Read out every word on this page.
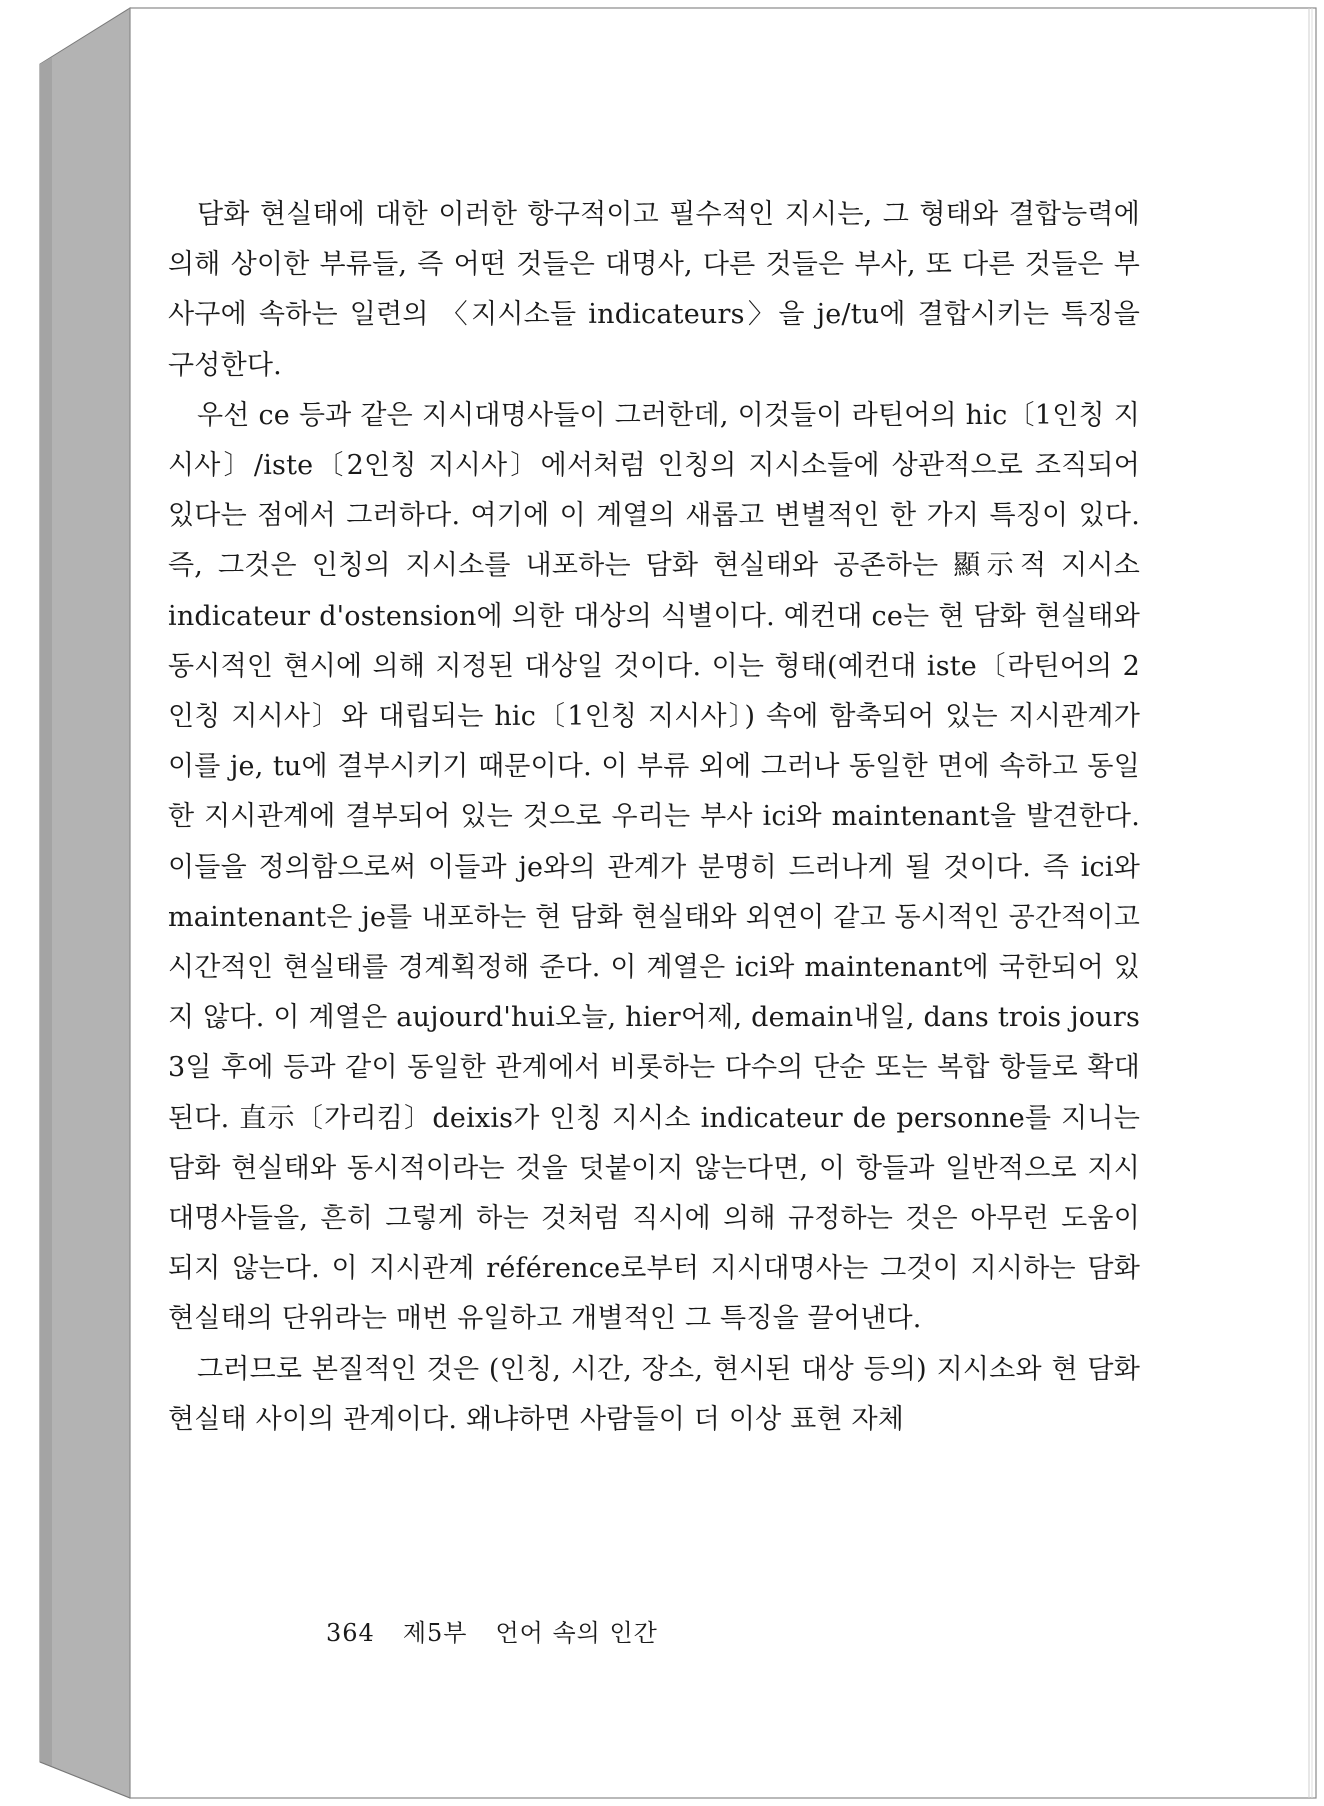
담화 현실태에 대한 이러한 항구적이고 필수적인 지시는, 그 형태와 결합능력에 의해 상이한 부류들, 즉 어떤 것들은 대명사, 다른 것들은 부사, 또 다른 것들은 부사구에 속하는 일련의 〈지시소들 indicateurs〉을 je/tu에 결합시키는 특징을 구성한다.

우선 ce 등과 같은 지시대명사들이 그러한데, 이것들이 라틴어의 hic〔1인칭 지시사〕/iste〔2인칭 지시사〕에서처럼 인칭의 지시소들에 상관적으로 조직되어 있다는 점에서 그러하다. 여기에 이 계열의 새롭고 변별적인 한 가지 특징이 있다. 즉, 그것은 인칭의 지시소를 내포하는 담화 현실태와 공존하는 顯示적 지시소 indicateur d'ostension에 의한 대상의 식별이다. 예컨대 ce는 현 담화 현실태와 동시적인 현시에 의해 지정된 대상일 것이다. 이는 형태(예컨대 iste〔라틴어의 2인칭 지시사〕와 대립되는 hic〔1인칭 지시사〕) 속에 함축되어 있는 지시관계가 이를 je, tu에 결부시키기 때문이다. 이 부류 외에 그러나 동일한 면에 속하고 동일한 지시관계에 결부되어 있는 것으로 우리는 부사 ici와 maintenant을 발견한다. 이들을 정의함으로써 이들과 je와의 관계가 분명히 드러나게 될 것이다. 즉 ici와 maintenant은 je를 내포하는 현 담화 현실태와 외연이 같고 동시적인 공간적이고 시간적인 현실태를 경계획정해 준다. 이 계열은 ici와 maintenant에 국한되어 있지 않다. 이 계열은 aujourd'hui오늘, hier어제, demain내일, dans trois jours 3일 후에 등과 같이 동일한 관계에서 비롯하는 다수의 단순 또는 복합 항들로 확대된다. 直示〔가리킴〕deixis가 인칭 지시소 indicateur de personne를 지니는 담화 현실태와 동시적이라는 것을 덧붙이지 않는다면, 이 항들과 일반적으로 지시대명사들을, 흔히 그렇게 하는 것처럼 직시에 의해 규정하는 것은 아무런 도움이 되지 않는다. 이 지시관계 référence로부터 지시대명사는 그것이 지시하는 담화 현실태의 단위라는 매번 유일하고 개별적인 그 특징을 끌어낸다.

그러므로 본질적인 것은 (인칭, 시간, 장소, 현시된 대상 등의) 지시소와 현 담화 현실태 사이의 관계이다. 왜냐하면 사람들이 더 이상 표현 자체

364 제5부 언어 속의 인간
